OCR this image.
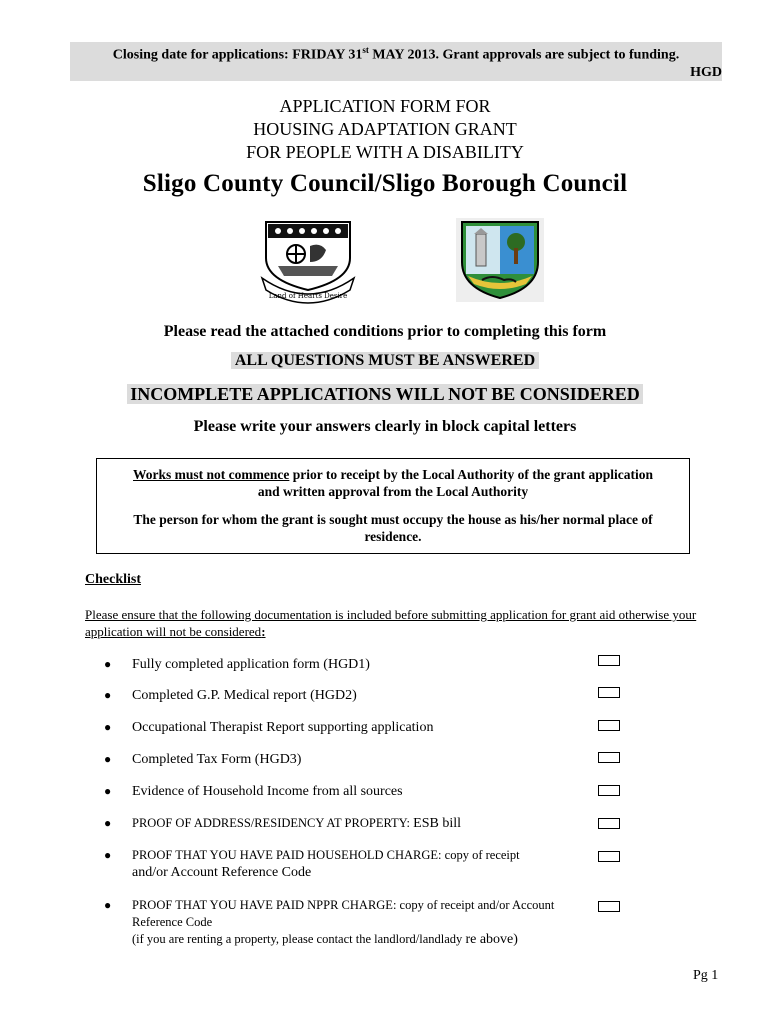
Closing date for applications: FRIDAY 31st MAY 2013. Grant approvals are subject to funding.
HGD
APPLICATION FORM FOR
HOUSING ADAPTATION GRANT
FOR PEOPLE WITH A DISABILITY
Sligo County Council/Sligo Borough Council
Land of Hearts Desire
Please read the attached conditions prior to completing this form
ALL QUESTIONS MUST BE ANSWERED
INCOMPLETE APPLICATIONS WILL NOT BE CONSIDERED
Please write your answers clearly in block capital letters

Works must not commence prior to receipt by the Local Authority of the grant application and written approval from the Local Authority

The person for whom the grant is sought must occupy the house as his/her normal place of residence.

Checklist
Please ensure that the following documentation is included before submitting application for grant aid otherwise your application will not be considered:
● Fully completed application form (HGD1)
● Completed G.P. Medical report (HGD2)
● Occupational Therapist Report supporting application
● Completed Tax Form (HGD3)
● Evidence of Household Income from all sources
● PROOF OF ADDRESS/RESIDENCY AT PROPERTY: ESB bill
● PROOF THAT YOU HAVE PAID HOUSEHOLD CHARGE: copy of receipt
and/or Account Reference Code
● PROOF THAT YOU HAVE PAID NPPR CHARGE: copy of receipt and/or Account Reference Code
(if you are renting a property, please contact the landlord/landlady re above)
Pg 1
